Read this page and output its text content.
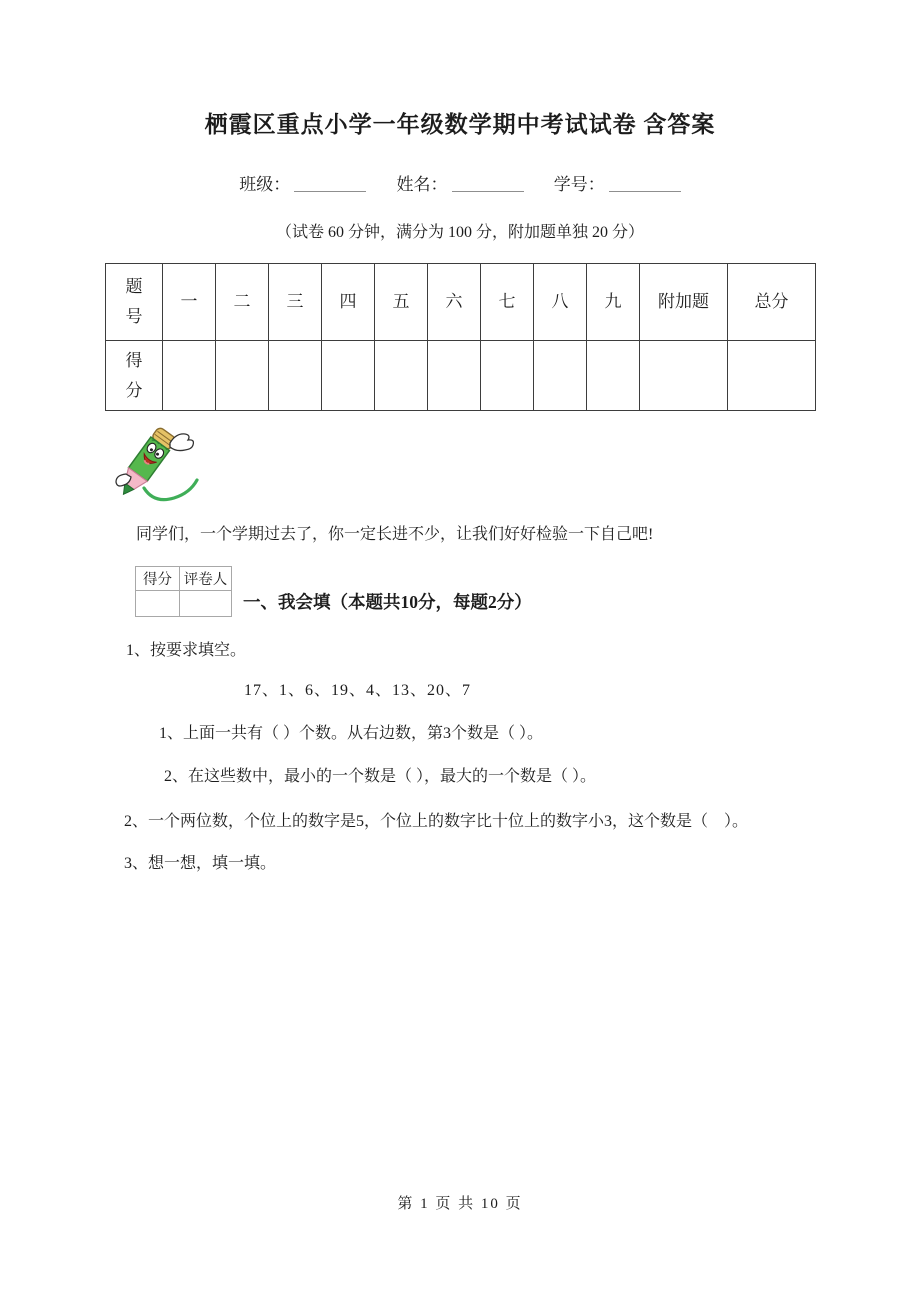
栖霞区重点小学一年级数学期中考试试卷 含答案
班级：	姓名：	学号：
（试卷 60 分钟，满分为 100 分，附加题单独 20 分）
题号	一	二	三	四	五	六	七	八	九	附加题	总分
得分											
同学们，一个学期过去了，你一定长进不少，让我们好好检验一下自己吧!
得分	评卷人

一、我会填（本题共10分，每题2分）
1、按要求填空。
17、1、6、19、4、13、20、7
1、上面一共有（ ）个数。从右边数，第3个数是（ ）。
2、在这些数中，最小的一个数是（ ），最大的一个数是（ ）。
2、一个两位数，个位上的数字是5，个位上的数字比十位上的数字小3，这个数是（　）。
3、想一想，填一填。
第 1 页 共 10 页
